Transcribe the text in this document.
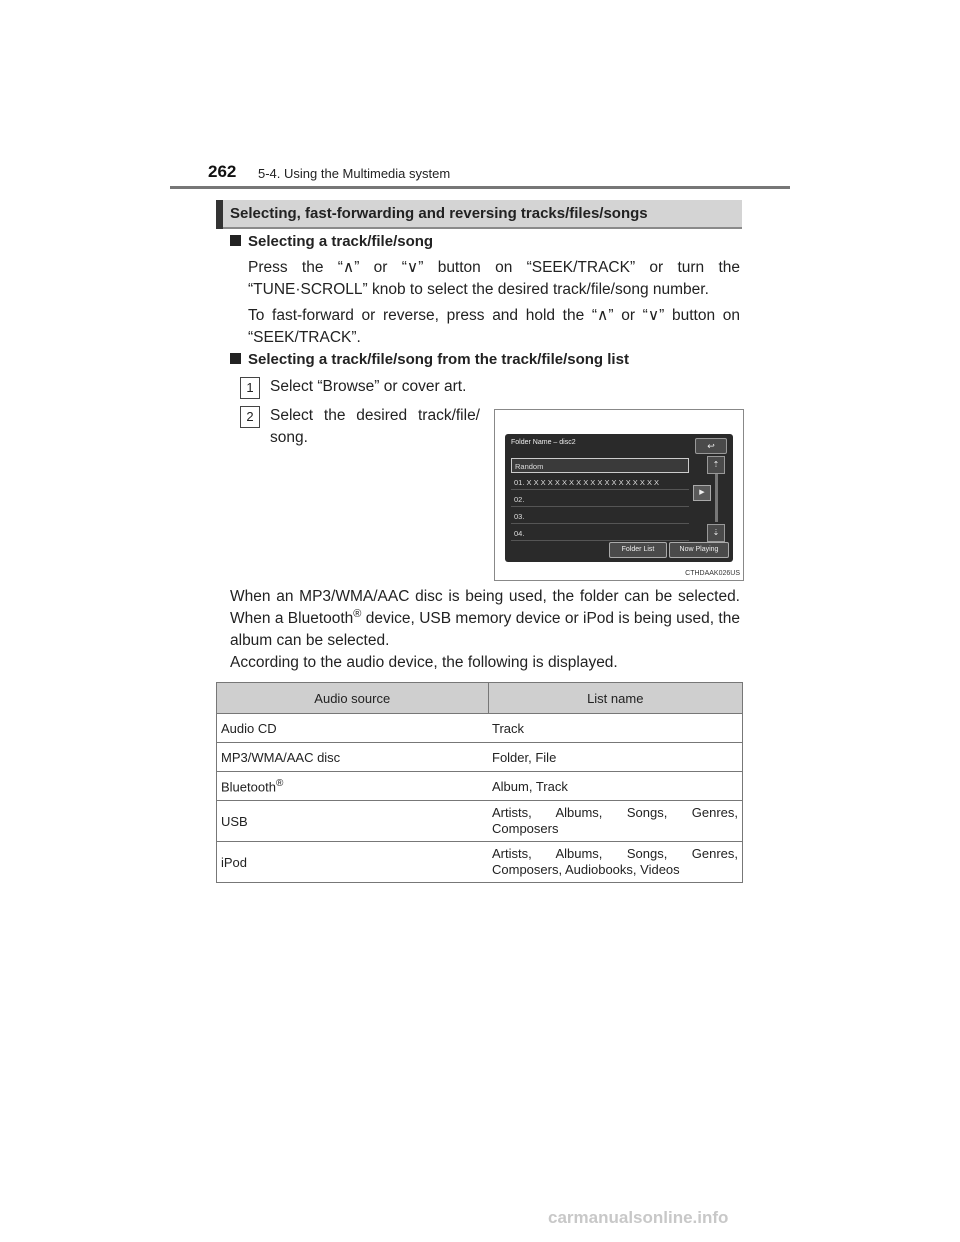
262 5-4. Using the Multimedia system
Selecting, fast-forwarding and reversing tracks/files/songs
Selecting a track/file/song
Press the “∧” or “∨” button on “SEEK/TRACK” or turn the “TUNE·SCROLL” knob to select the desired track/file/song number.
To fast-forward or reverse, press and hold the “∧” or “∨” button on “SEEK/TRACK”.
Selecting a track/file/song from the track/file/song list
1	Select “Browse” or cover art.
2	Select the desired track/file/
song.	Folder Name – disc2	↩
Random
01. X X X X X X X X X X X X X X X X X X X
02.
03.
04.
▶
⇡
⇣
Folder List	Now Playing
CTHDAAK026US
When an MP3/WMA/AAC disc is being used, the folder can be selected. When a Bluetooth® device, USB memory device or iPod is being used, the album can be selected.
According to the audio device, the following is displayed.
Audio source	List name
Audio CD	Track
MP3/WMA/AAC disc	Folder, File
Bluetooth®	Album, Track
USB	Artists, Albums, Songs, Genres, Composers
iPod	Artists, Albums, Songs, Genres, Composers, Audiobooks, Videos
carmanualsonline.info
